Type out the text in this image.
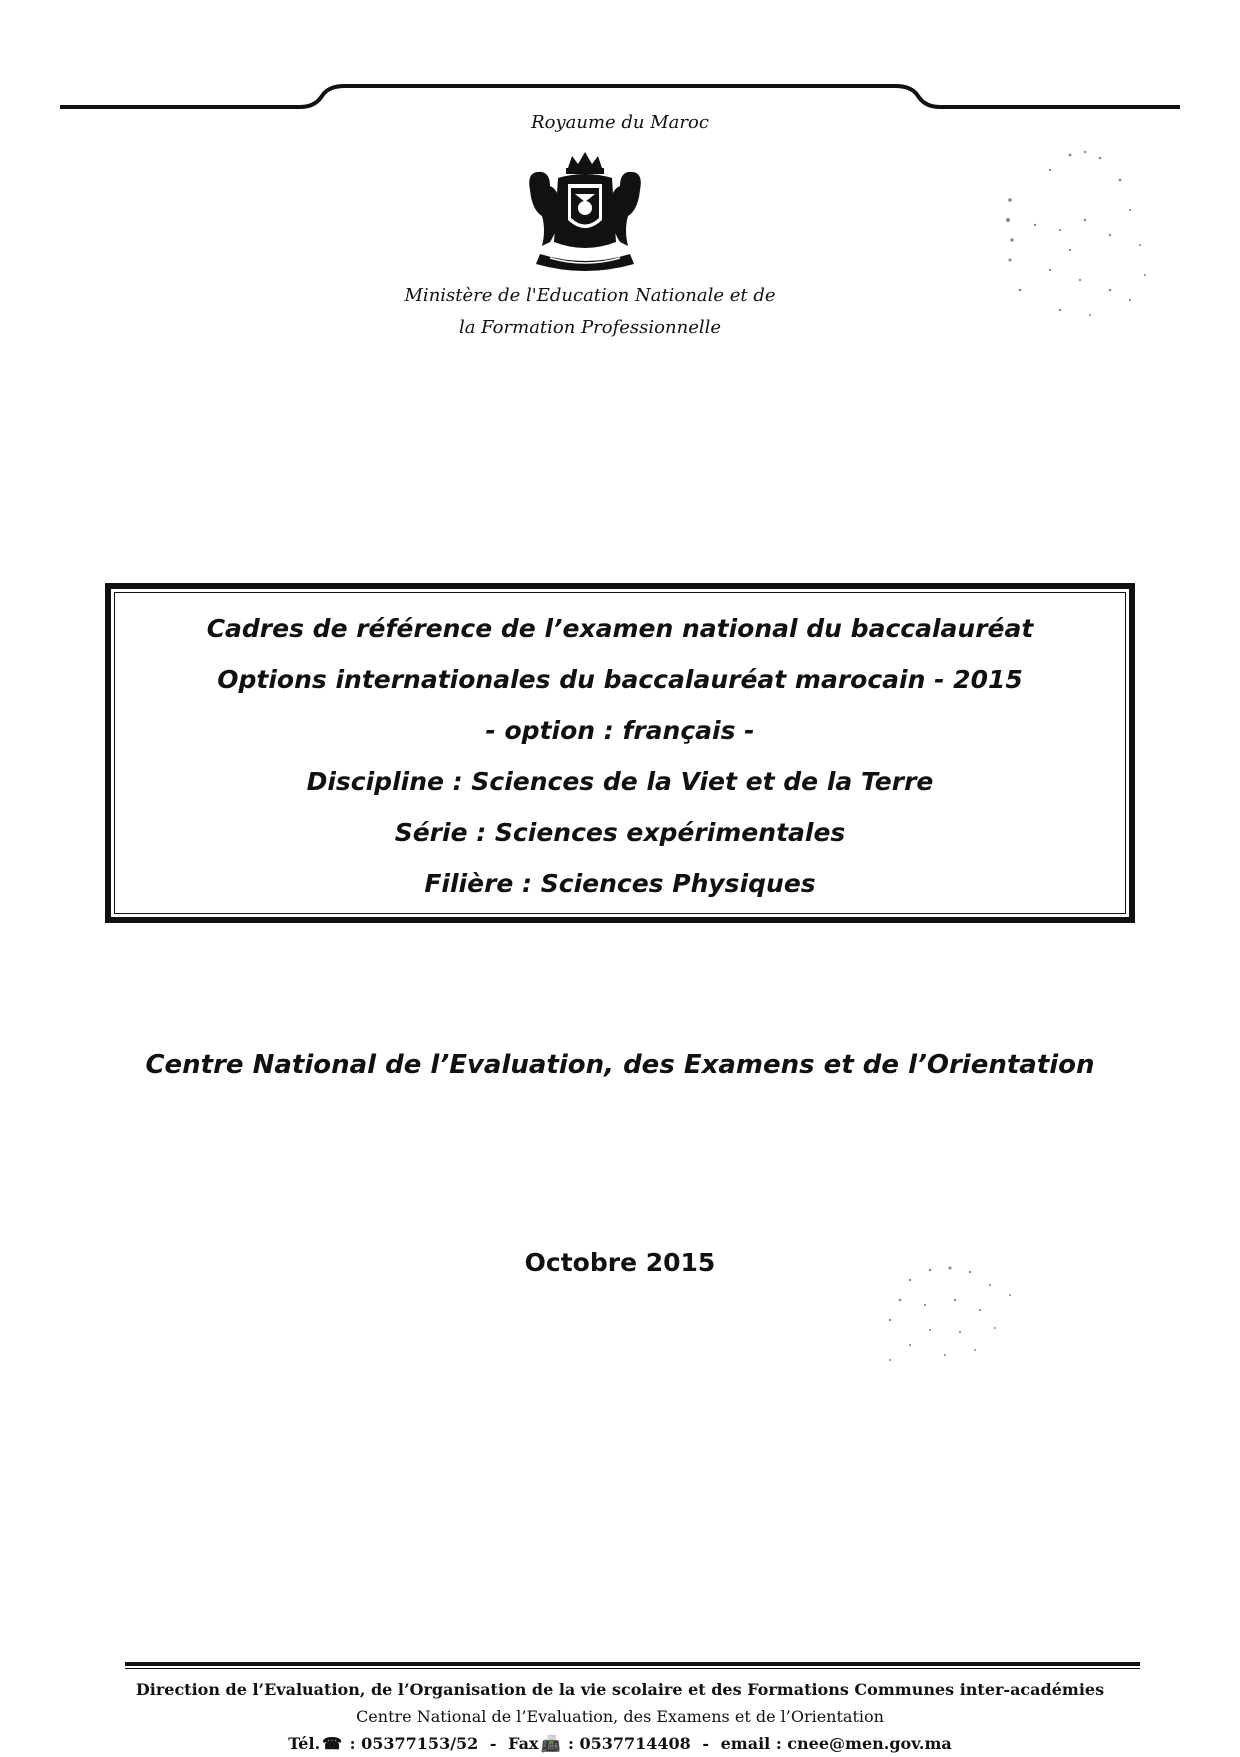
Royaume du Maroc
Ministère de l'Education Nationale et de
la Formation Professionnelle
Cadres de référence de l’examen national du baccalauréat
Options internationales du baccalauréat marocain - 2015
- option : français -
Discipline : Sciences de la Viet et de la Terre
Série : Sciences expérimentales
Filière : Sciences Physiques
Centre National de l’Evaluation, des Examens et de l’Orientation
Octobre 2015
Direction de l’Evaluation, de l’Organisation de la vie scolaire et des Formations Communes inter-académies
Centre National de l’Evaluation, des Examens et de l’Orientation
Tél. ☎ : 05377153/52 - Fax 📠 : 0537714408 - email : cnee@men.gov.ma
